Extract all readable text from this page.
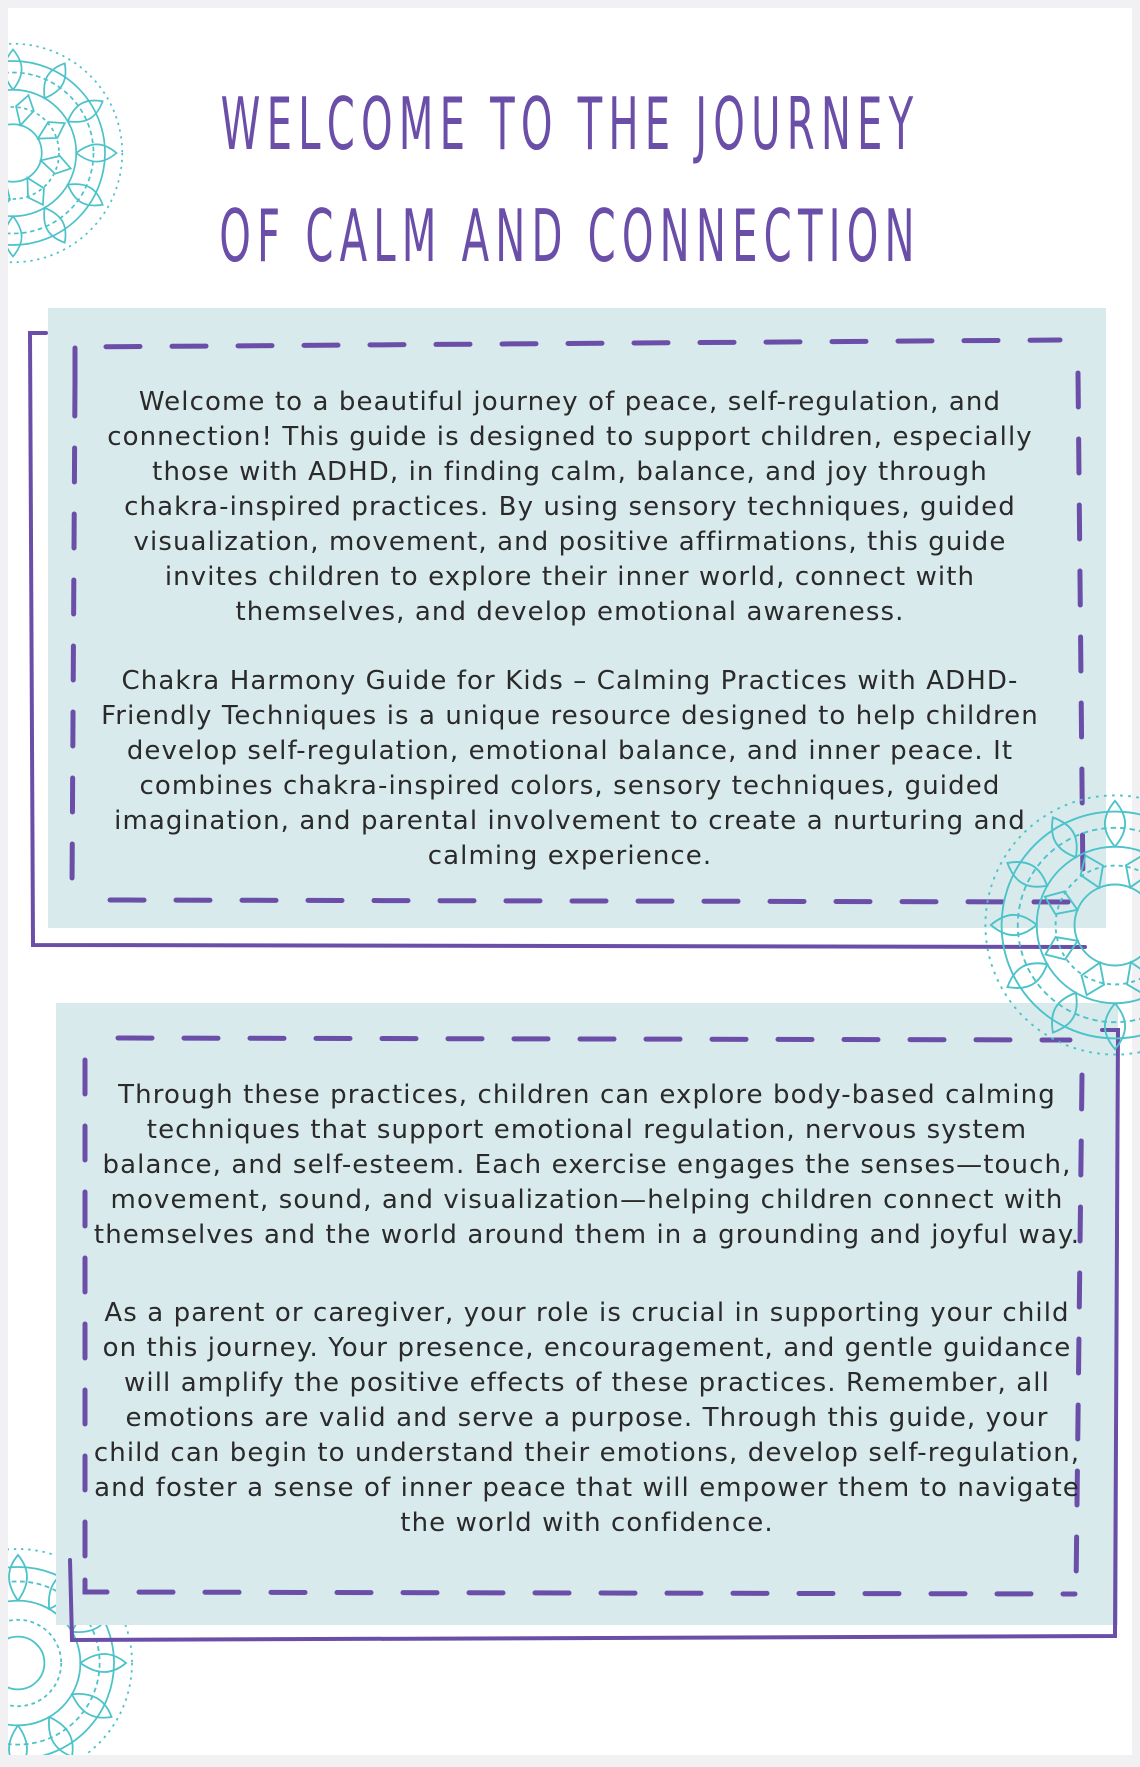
WELCOME TO THE JOURNEY
OF CALM AND CONNECTION

Welcome to a beautiful journey of peace, self-regulation, and connection! This guide is designed to support children, especially those with ADHD, in finding calm, balance, and joy through chakra-inspired practices. By using sensory techniques, guided visualization, movement, and positive affirmations, this guide invites children to explore their inner world, connect with themselves, and develop emotional awareness.

Chakra Harmony Guide for Kids – Calming Practices with ADHD-Friendly Techniques is a unique resource designed to help children develop self-regulation, emotional balance, and inner peace. It combines chakra-inspired colors, sensory techniques, guided imagination, and parental involvement to create a nurturing and calming experience.

Through these practices, children can explore body-based calming techniques that support emotional regulation, nervous system balance, and self-esteem. Each exercise engages the senses—touch, movement, sound, and visualization—helping children connect with themselves and the world around them in a grounding and joyful way.

As a parent or caregiver, your role is crucial in supporting your child on this journey. Your presence, encouragement, and gentle guidance will amplify the positive effects of these practices. Remember, all emotions are valid and serve a purpose. Through this guide, your child can begin to understand their emotions, develop self-regulation, and foster a sense of inner peace that will empower them to navigate the world with confidence.
